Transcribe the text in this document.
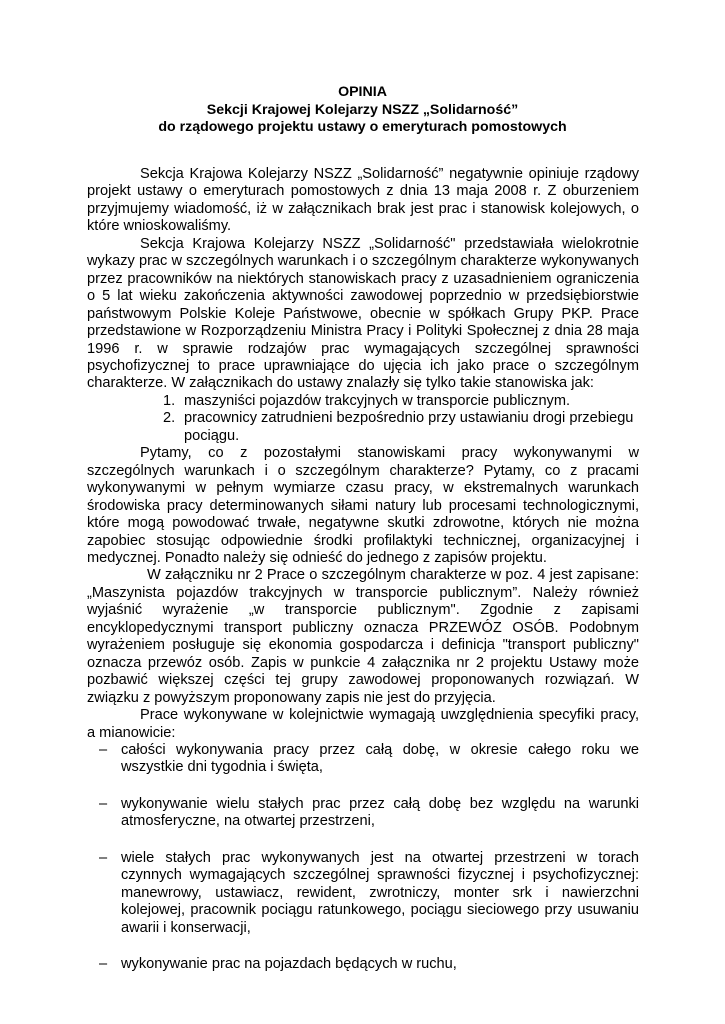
OPINIA
Sekcji Krajowej Kolejarzy NSZZ „Solidarność”
do rządowego projektu ustawy o emeryturach pomostowych

Sekcja Krajowa Kolejarzy NSZZ „Solidarność” negatywnie opiniuje rządowy projekt ustawy o emeryturach pomostowych z dnia 13 maja 2008 r. Z oburzeniem przyjmujemy wiadomość, iż w załącznikach brak jest prac i stanowisk kolejowych, o które wnioskowaliśmy.

Sekcja Krajowa Kolejarzy NSZZ „Solidarność" przedstawiała wielokrotnie wykazy prac w szczególnych warunkach i o szczególnym charakterze wykonywanych przez pracowników na niektórych stanowiskach pracy z uzasadnieniem ograniczenia o 5 lat wieku zakończenia aktywności zawodowej poprzednio w przedsiębiorstwie państwowym Polskie Koleje Państwowe, obecnie w spółkach Grupy PKP. Prace przedstawione w Rozporządzeniu Ministra Pracy i Polityki Społecznej z dnia 28 maja 1996 r. w sprawie rodzajów prac wymagających szczególnej sprawności psychofizycznej to prace uprawniające do ujęcia ich jako prace o szczególnym charakterze. W załącznikach do ustawy znalazły się tylko takie stanowiska jak:

1. maszyniści pojazdów trakcyjnych w transporcie publicznym.
2. pracownicy zatrudnieni bezpośrednio przy ustawianiu drogi przebiegu pociągu.

Pytamy, co z pozostałymi stanowiskami pracy wykonywanymi w szczególnych warunkach i o szczególnym charakterze? Pytamy, co z pracami wykonywanymi w pełnym wymiarze czasu pracy, w ekstremalnych warunkach środowiska pracy determinowanych siłami natury lub procesami technologicznymi, które mogą powodować trwałe, negatywne skutki zdrowotne, których nie można zapobiec stosując odpowiednie środki profilaktyki technicznej, organizacyjnej i medycznej. Ponadto należy się odnieść do jednego z zapisów projektu.

W załączniku nr 2 Prace o szczególnym charakterze w poz. 4 jest zapisane: „Maszynista pojazdów trakcyjnych w transporcie publicznym”. Należy również wyjaśnić wyrażenie „w transporcie publicznym". Zgodnie z zapisami encyklopedycznymi transport publiczny oznacza PRZEWÓZ OSÓB. Podobnym wyrażeniem posługuje się ekonomia gospodarcza i definicja "transport publiczny" oznacza przewóz osób. Zapis w punkcie 4 załącznika nr 2 projektu Ustawy może pozbawić większej części tej grupy zawodowej proponowanych rozwiązań. W związku z powyższym proponowany zapis nie jest do przyjęcia.

Prace wykonywane w kolejnictwie wymagają uwzględnienia specyfiki pracy, a mianowicie:

– całości wykonywania pracy przez całą dobę, w okresie całego roku we wszystkie dni tygodnia i święta,
– wykonywanie wielu stałych prac przez całą dobę bez względu na warunki atmosferyczne, na otwartej przestrzeni,
– wiele stałych prac wykonywanych jest na otwartej przestrzeni w torach czynnych wymagających szczególnej sprawności fizycznej i psychofizycznej: manewrowy, ustawiacz, rewident, zwrotniczy, monter srk i nawierzchni kolejowej, pracownik pociągu ratunkowego, pociągu sieciowego przy usuwaniu awarii i konserwacji,
– wykonywanie prac na pojazdach będących w ruchu,
